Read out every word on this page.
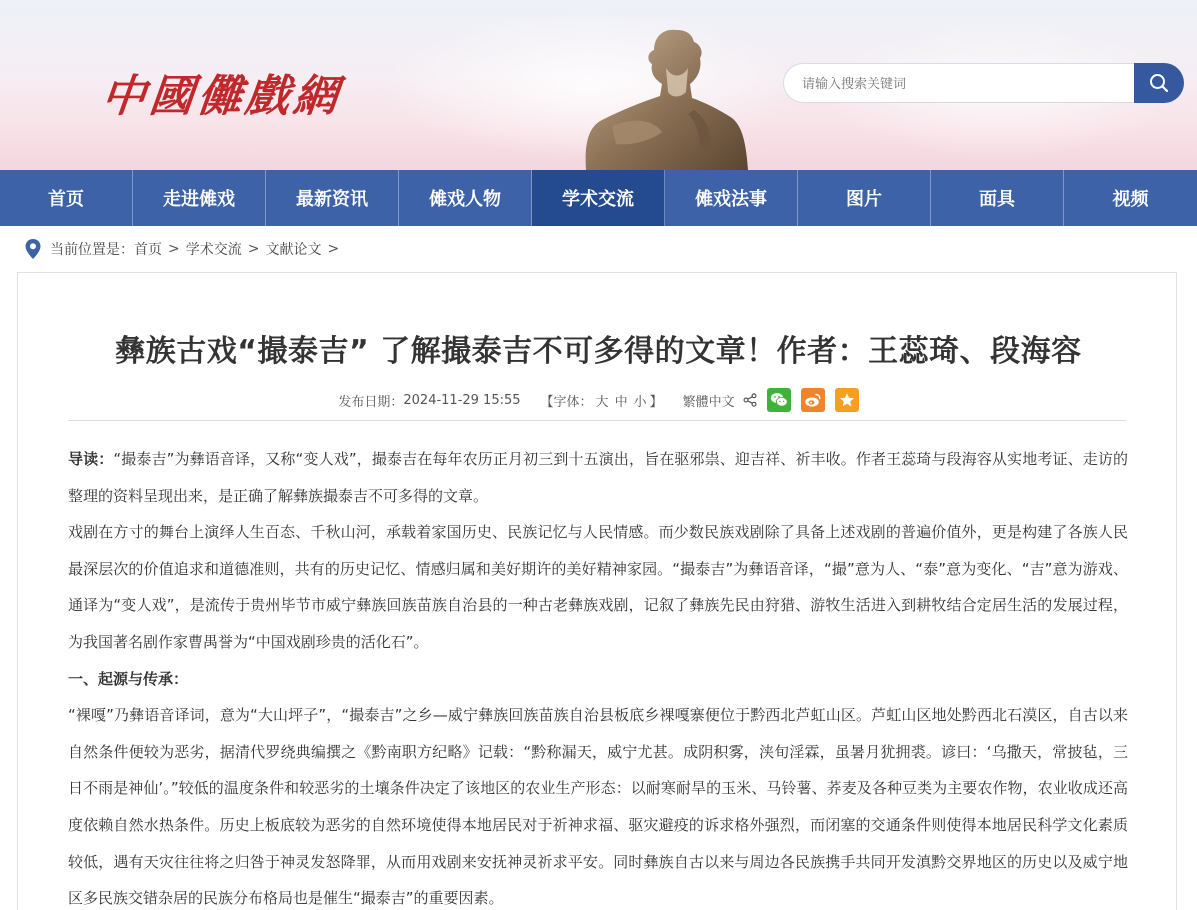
中國儺戲網
请输入搜索关键词
首页	走进傩戏	最新资讯	傩戏人物	学术交流	傩戏法事	图片	面具	视频
当前位置是： 首页 > 学术交流 > 文献论文 >
彝族古戏“撮泰吉” 了解撮泰吉不可多得的文章！作者：王蕊琦、段海容
发布日期： 2024-11-29 15:55 【字体： 大 中 小 】 繁體中文

导读：“撮泰吉”为彝语音译，又称“变人戏”，撮泰吉在每年农历正月初三到十五演出，旨在驱邪祟、迎吉祥、祈丰收。作者王蕊琦与段海容从实地考证、走访的整理的资料呈现出来，是正确了解彝族撮泰吉不可多得的文章。

戏剧在方寸的舞台上演绎人生百态、千秋山河，承载着家国历史、民族记忆与人民情感。而少数民族戏剧除了具备上述戏剧的普遍价值外，更是构建了各族人民最深层次的价值追求和道德准则，共有的历史记忆、情感归属和美好期许的美好精神家园。“撮泰吉”为彝语音译，“撮”意为人、“泰”意为变化、“吉”意为游戏、通译为“变人戏”，是流传于贵州毕节市威宁彝族回族苗族自治县的一种古老彝族戏剧，记叙了彝族先民由狩猎、游牧生活进入到耕牧结合定居生活的发展过程，为我国著名剧作家曹禺誉为“中国戏剧珍贵的活化石”。

一、起源与传承：

“裸嘎”乃彝语音译词，意为“大山坪子”，“撮泰吉”之乡—威宁彝族回族苗族自治县板底乡裸嘎寨便位于黔西北芦虹山区。芦虹山区地处黔西北石漠区，自古以来自然条件便较为恶劣，据清代罗绕典编撰之《黔南职方纪略》记载：“黔称漏天，威宁尤甚。成阴积雾，浃旬淫霖，虽暑月犹拥裘。谚曰：‘乌撒天，常披毡，三日不雨是神仙’。”较低的温度条件和较恶劣的土壤条件决定了该地区的农业生产形态：以耐寒耐旱的玉米、马铃薯、荞麦及各种豆类为主要农作物，农业收成还高度依赖自然水热条件。历史上板底较为恶劣的自然环境使得本地居民对于祈神求福、驱灾避疫的诉求格外强烈，而闭塞的交通条件则使得本地居民科学文化素质较低，遇有天灾往往将之归咎于神灵发怒降罪，从而用戏剧来安抚神灵祈求平安。同时彝族自古以来与周边各民族携手共同开发滇黔交界地区的历史以及威宁地区多民族交错杂居的民族分布格局也是催生“撮泰吉”的重要因素。
